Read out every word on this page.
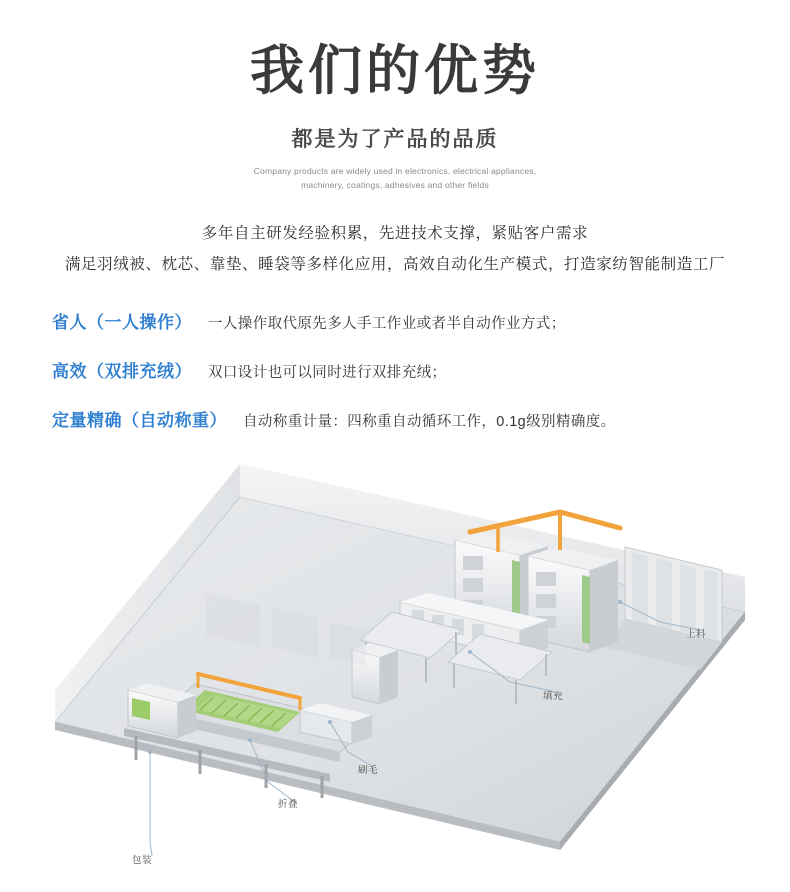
我们的优势
都是为了产品的品质
Company products are widely used in electronics, electrical appliances,
machinery, coatings, adhesives and other fields
多年自主研发经验积累，先进技术支撑，紧贴客户需求
满足羽绒被、枕芯、靠垫、睡袋等多样化应用，高效自动化生产模式，打造家纺智能制造工厂
省人（一人操作） 一人操作取代原先多人手工作业或者半自动作业方式；
高效（双排充绒） 双口设计也可以同时进行双排充绒；
定量精确（自动称重） 自动称重计量：四称重自动循环工作，0.1g级别精确度。
上料
填充
刷毛
折叠
包装
